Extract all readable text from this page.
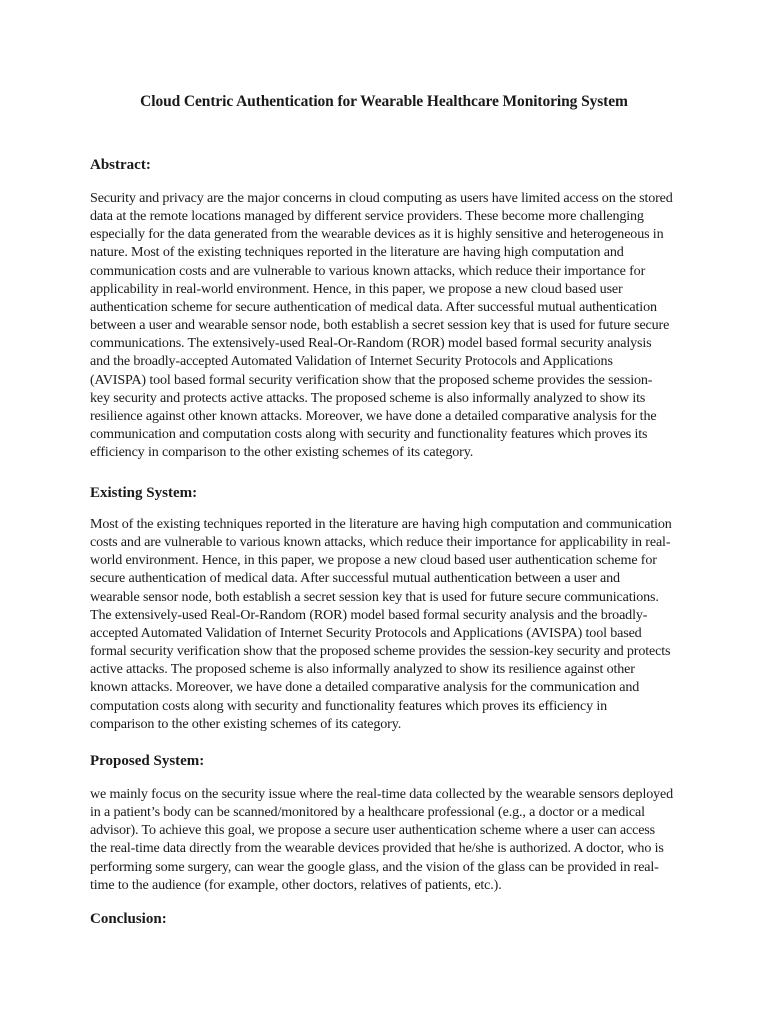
Cloud Centric Authentication for Wearable Healthcare Monitoring System
Abstract:
Security and privacy are the major concerns in cloud computing as users have limited access on the stored
data at the remote locations managed by different service providers. These become more challenging
especially for the data generated from the wearable devices as it is highly sensitive and heterogeneous in
nature. Most of the existing techniques reported in the literature are having high computation and
communication costs and are vulnerable to various known attacks, which reduce their importance for
applicability in real-world environment. Hence, in this paper, we propose a new cloud based user
authentication scheme for secure authentication of medical data. After successful mutual authentication
between a user and wearable sensor node, both establish a secret session key that is used for future secure
communications. The extensively-used Real-Or-Random (ROR) model based formal security analysis
and the broadly-accepted Automated Validation of Internet Security Protocols and Applications
(AVISPA) tool based formal security verification show that the proposed scheme provides the session-
key security and protects active attacks. The proposed scheme is also informally analyzed to show its
resilience against other known attacks. Moreover, we have done a detailed comparative analysis for the
communication and computation costs along with security and functionality features which proves its
efficiency in comparison to the other existing schemes of its category.
Existing System:
Most of the existing techniques reported in the literature are having high computation and communication
costs and are vulnerable to various known attacks, which reduce their importance for applicability in real-
world environment. Hence, in this paper, we propose a new cloud based user authentication scheme for
secure authentication of medical data. After successful mutual authentication between a user and
wearable sensor node, both establish a secret session key that is used for future secure communications.
The extensively-used Real-Or-Random (ROR) model based formal security analysis and the broadly-
accepted Automated Validation of Internet Security Protocols and Applications (AVISPA) tool based
formal security verification show that the proposed scheme provides the session-key security and protects
active attacks. The proposed scheme is also informally analyzed to show its resilience against other
known attacks. Moreover, we have done a detailed comparative analysis for the communication and
computation costs along with security and functionality features which proves its efficiency in
comparison to the other existing schemes of its category.
Proposed System:
we mainly focus on the security issue where the real-time data collected by the wearable sensors deployed
in a patient’s body can be scanned/monitored by a healthcare professional (e.g., a doctor or a medical
advisor). To achieve this goal, we propose a secure user authentication scheme where a user can access
the real-time data directly from the wearable devices provided that he/she is authorized. A doctor, who is
performing some surgery, can wear the google glass, and the vision of the glass can be provided in real-
time to the audience (for example, other doctors, relatives of patients, etc.).
Conclusion:
